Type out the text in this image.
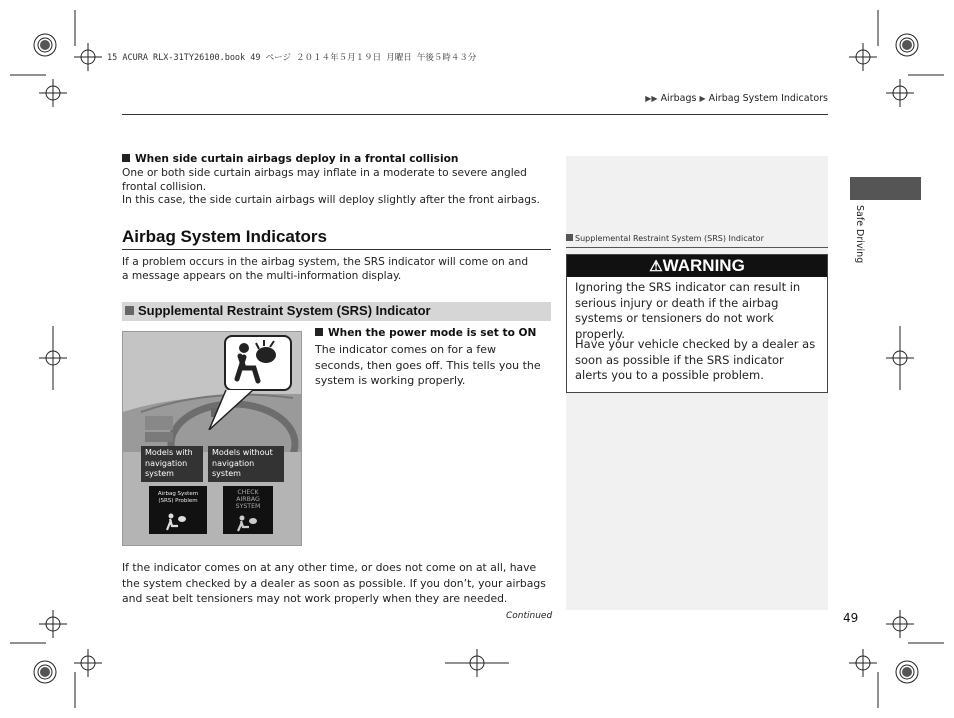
15 ACURA RLX-31TY26100.book 49 ページ ２０１４年５月１９日 月曜日 午後５時４３分
▶▶ Airbags ▶ Airbag System Indicators
Safe Driving
When side curtain airbags deploy in a frontal collision
One or both side curtain airbags may inflate in a moderate to severe angled frontal collision.
In this case, the side curtain airbags will deploy slightly after the front airbags.
Airbag System Indicators
If a problem occurs in the airbag system, the SRS indicator will come on and a message appears on the multi-information display.
Supplemental Restraint System (SRS) Indicator
Models with navigation system
Models without navigation system
Airbag System (SRS) Problem
CHECK AIRBAG SYSTEM
When the power mode is set to ON
The indicator comes on for a few seconds, then goes off. This tells you the system is working properly.
If the indicator comes on at any other time, or does not come on at all, have the system checked by a dealer as soon as possible. If you don’t, your airbags and seat belt tensioners may not work properly when they are needed.
Supplemental Restraint System (SRS) Indicator
⚠WARNING
Ignoring the SRS indicator can result in serious injury or death if the airbag systems or tensioners do not work properly.
Have your vehicle checked by a dealer as soon as possible if the SRS indicator alerts you to a possible problem.
Continued	49
